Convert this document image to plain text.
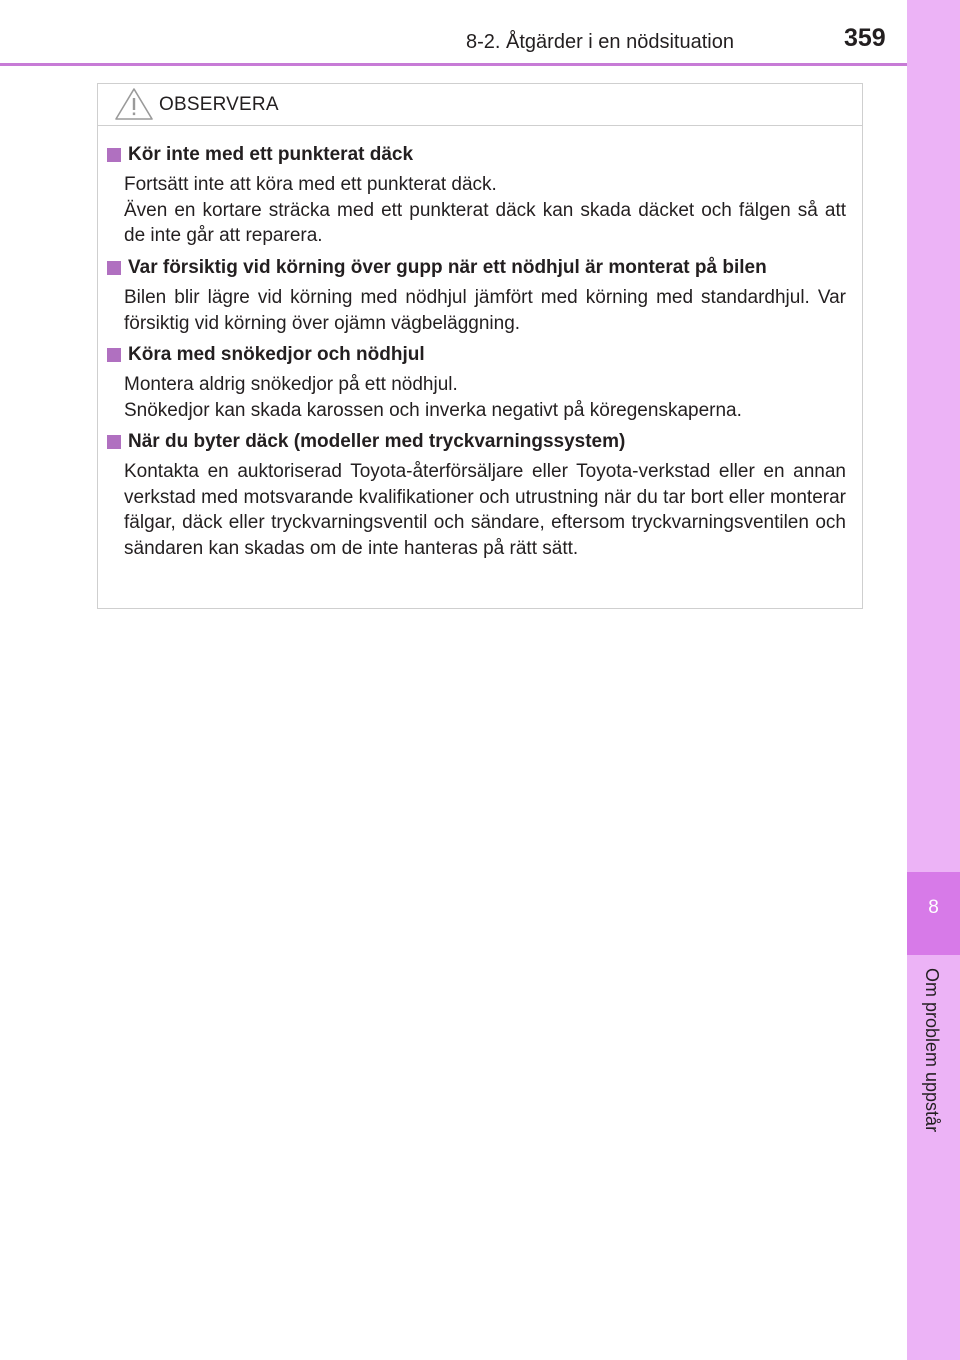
8-2. Åtgärder i en nödsituation	359
8
Om problem uppstår
OBSERVERA
Kör inte med ett punkterat däck

Fortsätt inte att köra med ett punkterat däck.

Även en kortare sträcka med ett punkterat däck kan skada däcket och fälgen så att de inte går att reparera.

Var försiktig vid körning över gupp när ett nödhjul är monterat på bilen

Bilen blir lägre vid körning med nödhjul jämfört med körning med standardhjul. Var försiktig vid körning över ojämn vägbeläggning.

Köra med snökedjor och nödhjul

Montera aldrig snökedjor på ett nödhjul.

Snökedjor kan skada karossen och inverka negativt på köregenskaperna.

När du byter däck (modeller med tryckvarningssystem)

Kontakta en auktoriserad Toyota-återförsäljare eller Toyota-verkstad eller en annan verkstad med motsvarande kvalifikationer och utrustning när du tar bort eller monterar fälgar, däck eller tryckvarningsventil och sändare, eftersom tryckvarningsventilen och sändaren kan skadas om de inte hanteras på rätt sätt.
